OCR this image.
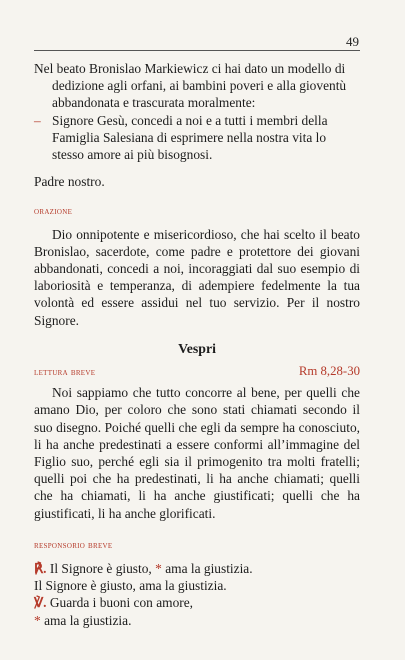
49

Nel beato Bronislao Markiewicz ci hai dato un modello di dedizione agli orfani, ai bambini poveri e alla gioventù abbandonata e trascurata moralmente:

– Signore Gesù, concedi a noi e a tutti i membri della Famiglia Salesiana di esprimere nella nostra vita lo stesso amore ai più bisognosi.

Padre nostro.

orazione

Dio onnipotente e misericordioso, che hai scelto il beato Bronislao, sacerdote, come padre e protettore dei giovani abbandonati, concedi a noi, incoraggiati dal suo esempio di laboriosità e temperanza, di adempiere fedelmente la tua volontà ed essere assidui nel tuo servizio. Per il nostro Signore.

Vespri

lettura breve	Rm 8,28-30

Noi sappiamo che tutto concorre al bene, per quelli che amano Dio, per coloro che sono stati chiamati secondo il suo disegno. Poiché quelli che egli da sempre ha conosciuto, li ha anche predestinati a essere conformi all’immagine del Figlio suo, perché egli sia il primogenito tra molti fratelli; quelli poi che ha predestinati, li ha anche chiamati; quelli che ha chiamati, li ha anche giustificati; quelli che ha giustificati, li ha anche glorificati.

responsorio breve

℟. Il Signore è giusto, * ama la giustizia.

Il Signore è giusto, ama la giustizia.

℣. Guarda i buoni con amore,

* ama la giustizia.
